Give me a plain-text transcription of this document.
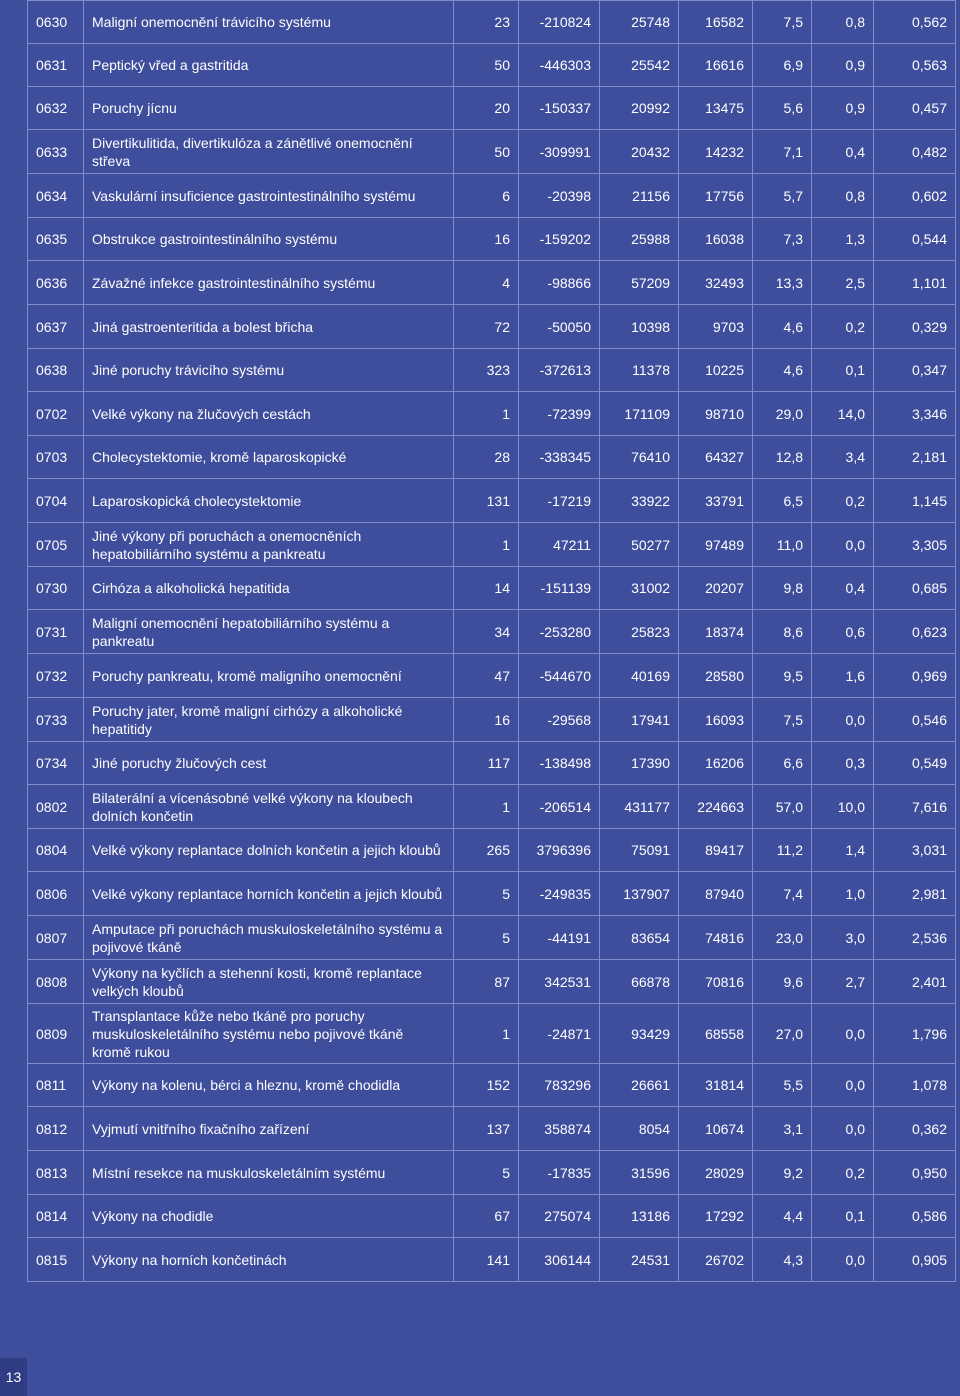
0630	Maligní onemocnění trávicího systému	23	-210824	25748	16582	7,5	0,8	0,562
0631	Peptický vřed a gastritida	50	-446303	25542	16616	6,9	0,9	0,563
0632	Poruchy jícnu	20	-150337	20992	13475	5,6	0,9	0,457
0633	Divertikulitida, divertikulóza a zánětlivé onemocnění střeva	50	-309991	20432	14232	7,1	0,4	0,482
0634	Vaskulární insuficience gastrointestinálního systému	6	-20398	21156	17756	5,7	0,8	0,602
0635	Obstrukce gastrointestinálního systému	16	-159202	25988	16038	7,3	1,3	0,544
0636	Závažné infekce gastrointestinálního systému	4	-98866	57209	32493	13,3	2,5	1,101
0637	Jiná gastroenteritida a bolest břicha	72	-50050	10398	9703	4,6	0,2	0,329
0638	Jiné poruchy trávicího systému	323	-372613	11378	10225	4,6	0,1	0,347
0702	Velké výkony na žlučových cestách	1	-72399	171109	98710	29,0	14,0	3,346
0703	Cholecystektomie, kromě laparoskopické	28	-338345	76410	64327	12,8	3,4	2,181
0704	Laparoskopická cholecystektomie	131	-17219	33922	33791	6,5	0,2	1,145
0705	Jiné výkony při poruchách a onemocněních hepatobiliárního systému a pankreatu	1	47211	50277	97489	11,0	0,0	3,305
0730	Cirhóza a alkoholická hepatitida	14	-151139	31002	20207	9,8	0,4	0,685
0731	Maligní onemocnění hepatobiliárního systému a pankreatu	34	-253280	25823	18374	8,6	0,6	0,623
0732	Poruchy pankreatu, kromě maligního onemocnění	47	-544670	40169	28580	9,5	1,6	0,969
0733	Poruchy jater, kromě maligní cirhózy a alkoholické hepatitidy	16	-29568	17941	16093	7,5	0,0	0,546
0734	Jiné poruchy žlučových cest	117	-138498	17390	16206	6,6	0,3	0,549
0802	Bilaterální a vícenásobné velké výkony na kloubech dolních končetin	1	-206514	431177	224663	57,0	10,0	7,616
0804	Velké výkony replantace dolních končetin a jejich kloubů	265	3796396	75091	89417	11,2	1,4	3,031
0806	Velké výkony replantace horních končetin a jejich kloubů	5	-249835	137907	87940	7,4	1,0	2,981
0807	Amputace při poruchách muskuloskeletálního systému a pojivové tkáně	5	-44191	83654	74816	23,0	3,0	2,536
0808	Výkony na kyčlích a stehenní kosti, kromě replantace velkých kloubů	87	342531	66878	70816	9,6	2,7	2,401
0809	Transplantace kůže nebo tkáně pro poruchy muskuloskeletálního systému nebo pojivové tkáně kromě rukou	1	-24871	93429	68558	27,0	0,0	1,796
0811	Výkony na kolenu, bérci a hleznu, kromě chodidla	152	783296	26661	31814	5,5	0,0	1,078
0812	Vyjmutí vnitřního fixačního zařízení	137	358874	8054	10674	3,1	0,0	0,362
0813	Místní resekce na muskuloskeletálním systému	5	-17835	31596	28029	9,2	0,2	0,950
0814	Výkony na chodidle	67	275074	13186	17292	4,4	0,1	0,586
0815	Výkony na horních končetinách	141	306144	24531	26702	4,3	0,0	0,905
13
